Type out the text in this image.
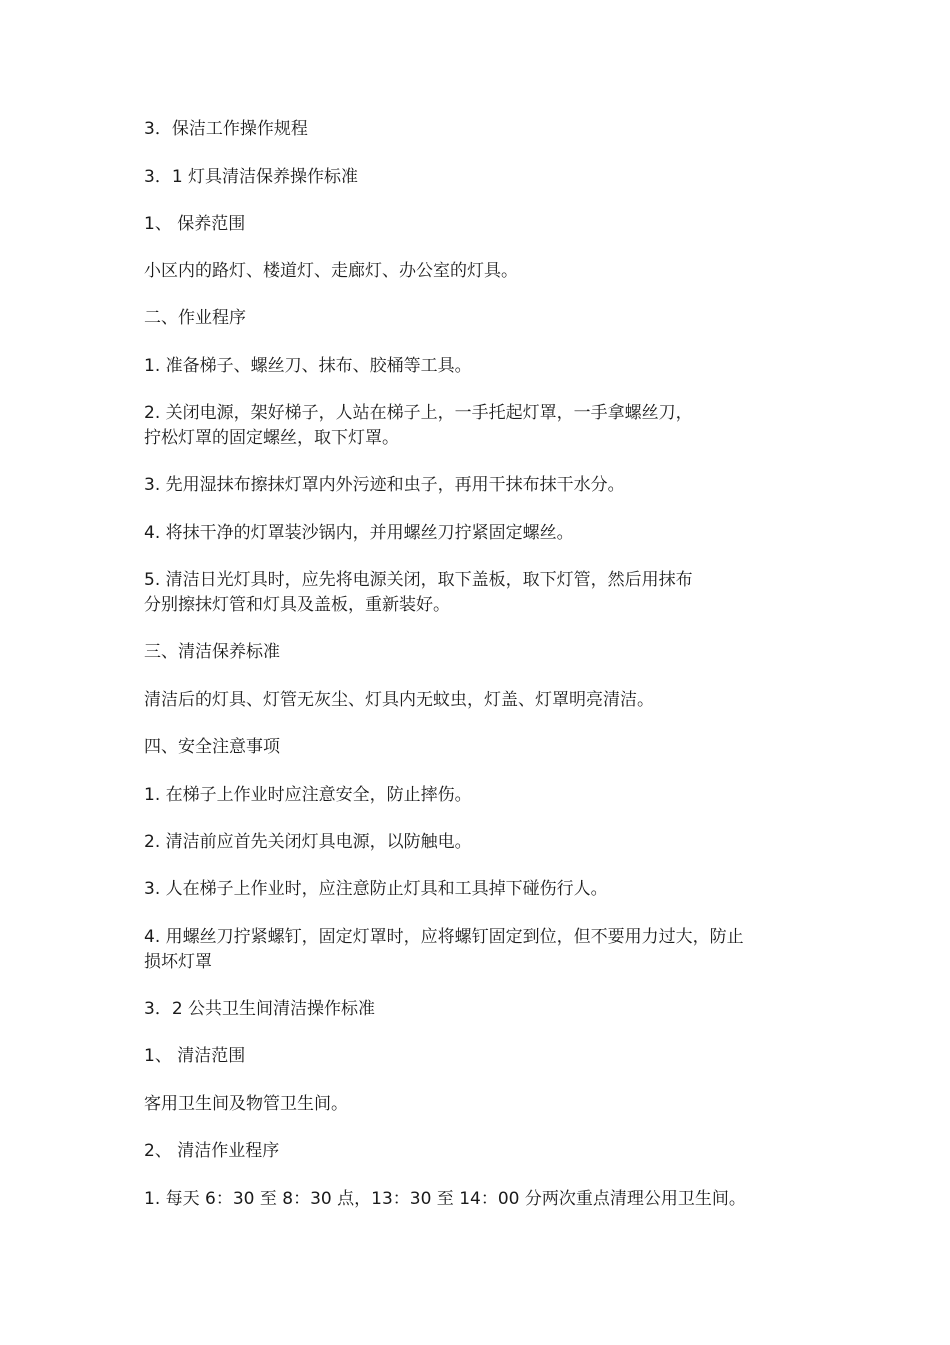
3．保洁工作操作规程
3．1 灯具清洁保养操作标准
1、 保养范围
小区内的路灯、楼道灯、走廊灯、办公室的灯具。
二、作业程序
1. 准备梯子、螺丝刀、抹布、胶桶等工具。
2. 关闭电源，架好梯子，人站在梯子上，一手托起灯罩，一手拿螺丝刀，
拧松灯罩的固定螺丝，取下灯罩。
3. 先用湿抹布擦抹灯罩内外污迹和虫子，再用干抹布抹干水分。
4. 将抹干净的灯罩装沙锅内，并用螺丝刀拧紧固定螺丝。
5. 清洁日光灯具时，应先将电源关闭，取下盖板，取下灯管，然后用抹布
分别擦抹灯管和灯具及盖板，重新装好。
三、清洁保养标准
清洁后的灯具、灯管无灰尘、灯具内无蚊虫，灯盖、灯罩明亮清洁。
四、安全注意事项
1. 在梯子上作业时应注意安全，防止摔伤。
2. 清洁前应首先关闭灯具电源，以防触电。
3. 人在梯子上作业时，应注意防止灯具和工具掉下碰伤行人。
4. 用螺丝刀拧紧螺钉，固定灯罩时，应将螺钉固定到位，但不要用力过大，防止
损坏灯罩
3．2 公共卫生间清洁操作标准
1、 清洁范围
客用卫生间及物管卫生间。
2、 清洁作业程序
1. 每天 6：30 至 8：30 点，13：30 至 14：00 分两次重点清理公用卫生间。
